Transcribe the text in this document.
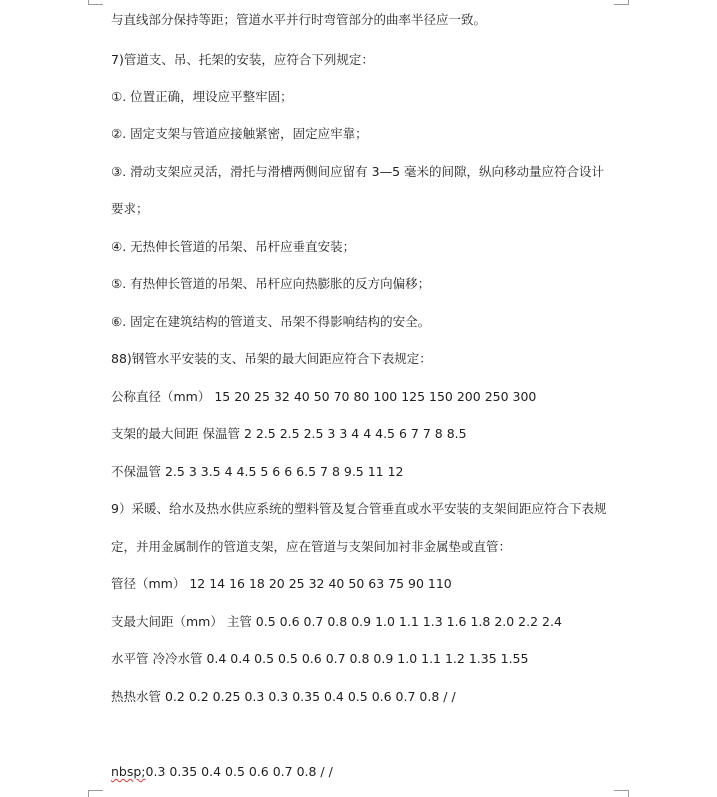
与直线部分保持等距；管道水平并行时弯管部分的曲率半径应一致。
7)管道支、吊、托架的安装，应符合下列规定：
①. 位置正确，埋设应平整牢固；
②. 固定支架与管道应接触紧密，固定应牢靠；
③. 滑动支架应灵活，滑托与滑槽两侧间应留有 3—5 毫米的间隙，纵向移动量应符合设计
要求；
④. 无热伸长管道的吊架、吊杆应垂直安装；
⑤. 有热伸长管道的吊架、吊杆应向热膨胀的反方向偏移；
⑥. 固定在建筑结构的管道支、吊架不得影响结构的安全。
88)钢管水平安装的支、吊架的最大间距应符合下表规定：
公称直径（mm） 15 20 25 32 40 50 70 80 100 125 150 200 250 300
支架的最大间距 保温管 2 2.5 2.5 2.5 3 3 4 4 4.5 6 7 7 8 8.5
不保温管 2.5 3 3.5 4 4.5 5 6 6 6.5 7 8 9.5 11 12
9）采暖、给水及热水供应系统的塑料管及复合管垂直或水平安装的支架间距应符合下表规
定，并用金属制作的管道支架，应在管道与支架间加衬非金属垫或直管：
管径（mm） 12 14 16 18 20 25 32 40 50 63 75 90 110
支最大间距（mm） 主管 0.5 0.6 0.7 0.8 0.9 1.0 1.1 1.3 1.6 1.8 2.0 2.2 2.4
水平管 冷冷水管 0.4 0.4 0.5 0.5 0.6 0.7 0.8 0.9 1.0 1.1 1.2 1.35 1.55
热热水管 0.2 0.2 0.25 0.3 0.3 0.35 0.4 0.5 0.6 0.7 0.8 / /
nbsp;0.3 0.35 0.4 0.5 0.6 0.7 0.8 / /
